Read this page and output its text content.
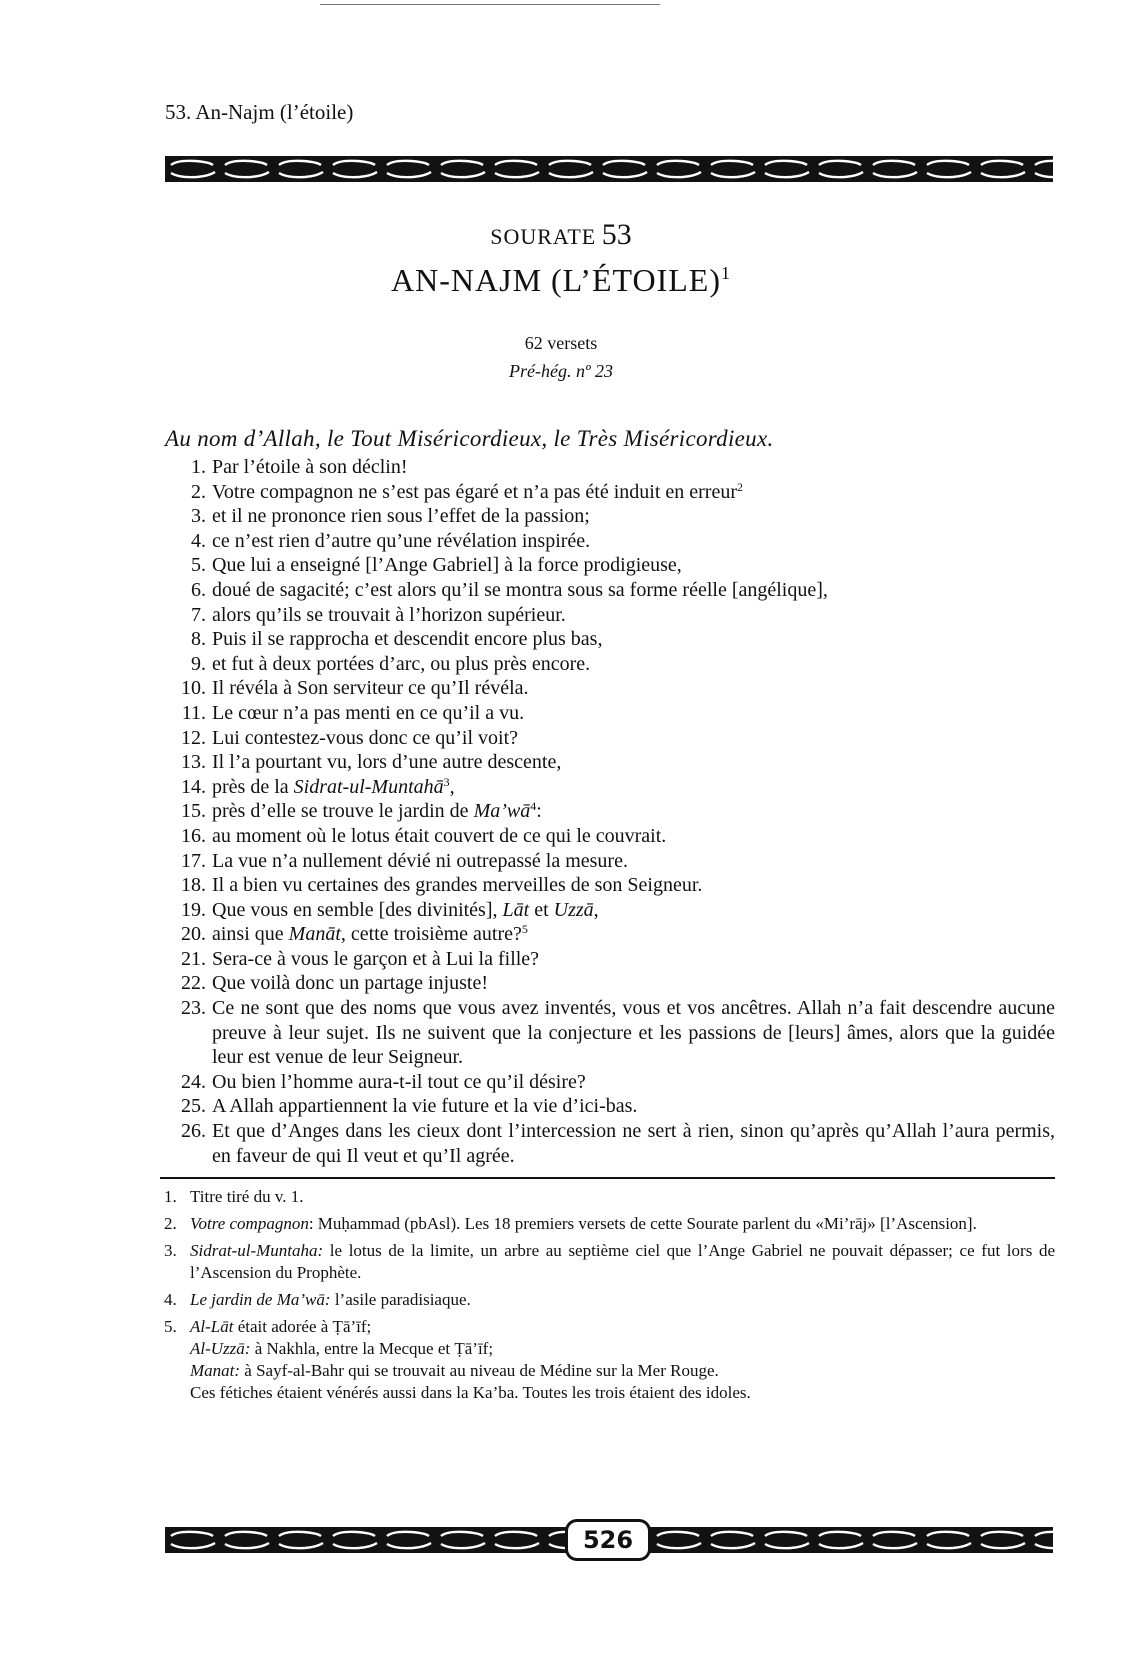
53. An-Najm (l’étoile)
SOURATE 53
AN-NAJM (L’ÉTOILE)$^1$
62 versets
Pré-hég. nº 23
Au nom d’Allah, le Tout Miséricordieux, le Très Miséricordieux.
1. Par l’étoile à son déclin!
2. Votre compagnon ne s’est pas égaré et n’a pas été induit en erreur$^2$
3. et il ne prononce rien sous l’effet de la passion;
4. ce n’est rien d’autre qu’une révélation inspirée.
5. Que lui a enseigné [l’Ange Gabriel] à la force prodigieuse,
6. doué de sagacité; c’est alors qu’il se montra sous sa forme réelle [angélique],
7. alors qu’ils se trouvait à l’horizon supérieur.
8. Puis il se rapprocha et descendit encore plus bas,
9. et fut à deux portées d’arc, ou plus près encore.
10. Il révéla à Son serviteur ce qu’Il révéla.
11. Le cœur n’a pas menti en ce qu’il a vu.
12. Lui contestez-vous donc ce qu’il voit?
13. Il l’a pourtant vu, lors d’une autre descente,
14. près de la Sidrat-ul-Muntahā$^3$,
15. près d’elle se trouve le jardin de $Ma’wā^4$:
16. au moment où le lotus était couvert de ce qui le couvrait.
17. La vue n’a nullement dévié ni outrepassé la mesure.
18. Il a bien vu certaines des grandes merveilles de son Seigneur.
19. Que vous en semble [des divinités], Lāt et Uzzā,
20. ainsi que Manāt, cette troisième autre?$^5$
21. Sera-ce à vous le garçon et à Lui la fille?
22. Que voilà donc un partage injuste!
23. Ce ne sont que des noms que vous avez inventés, vous et vos ancêtres. Allah n’a fait descendre aucune preuve à leur sujet. Ils ne suivent que la conjecture et les passions de [leurs] âmes, alors que la guidée leur est venue de leur Seigneur.
24. Ou bien l’homme aura-t-il tout ce qu’il désire?
25. A Allah appartiennent la vie future et la vie d’ici-bas.
26. Et que d’Anges dans les cieux dont l’intercession ne sert à rien, sinon qu’après qu’Allah l’aura permis, en faveur de qui Il veut et qu’Il agrée.
1. Titre tiré du v. 1.
2. Votre compagnon: Muḥammad (pbAsl). Les 18 premiers versets de cette Sourate parlent du «Mi’rāj» [l’Ascension].
3. Sidrat-ul-Muntaha: le lotus de la limite, un arbre au septième ciel que l’Ange Gabriel ne pouvait dépasser; ce fut lors de l’Ascension du Prophète.
4. Le jardin de Ma’wā: l’asile paradisiaque.
5. Al-Lāt était adorée à Ṭā’īf;
Al-Uzzā: à Nakhla, entre la Mecque et Ṭā’īf;
Manat: à Sayf-al-Bahr qui se trouvait au niveau de Médine sur la Mer Rouge.
Ces fétiches étaient vénérés aussi dans la Ka’ba. Toutes les trois étaient des idoles.
526
